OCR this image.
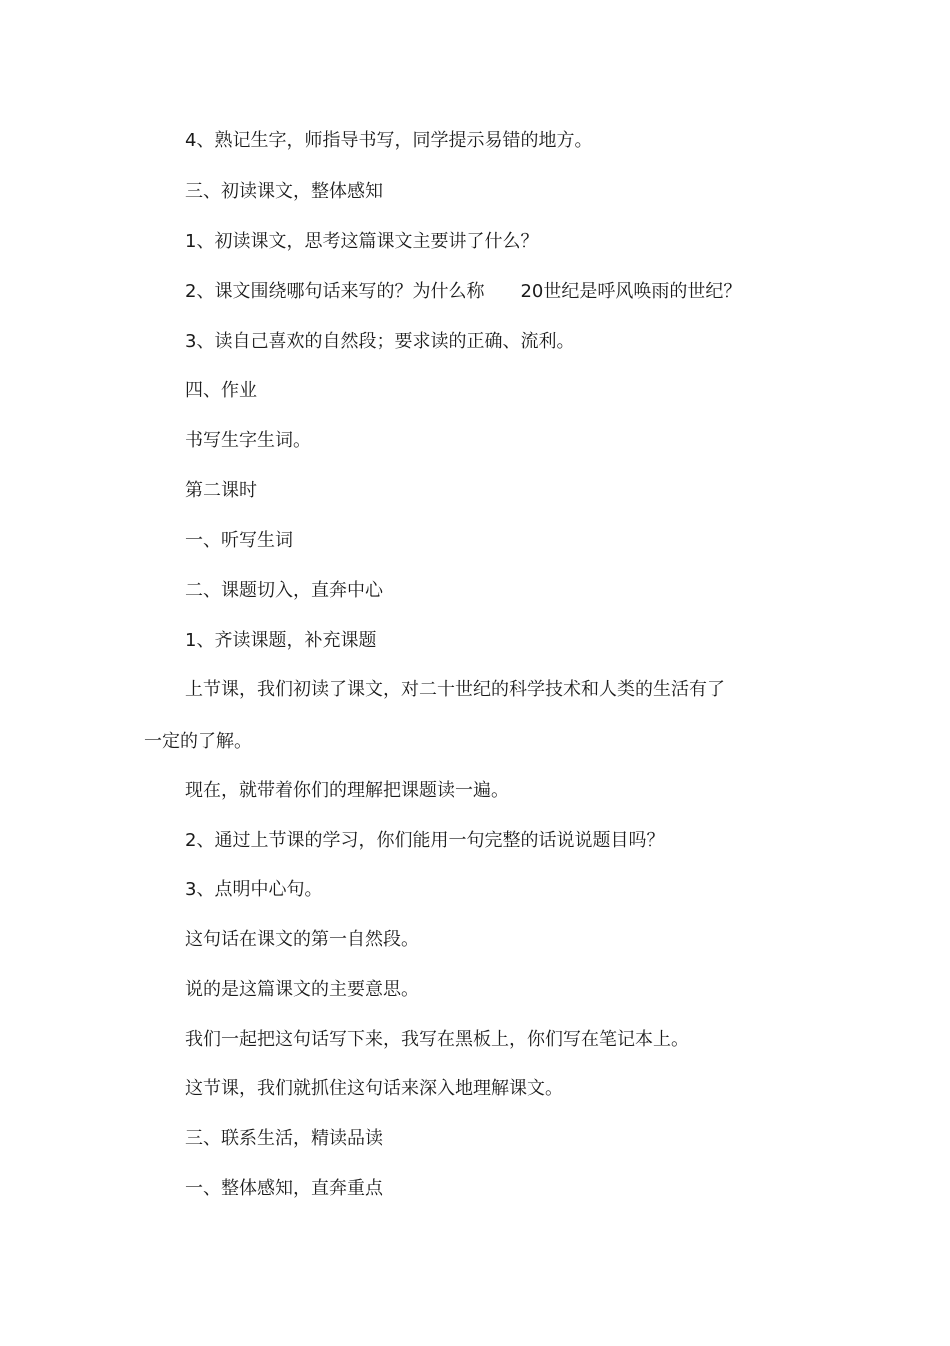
4、熟记生字，师指导书写，同学提示易错的地方。
三、初读课文，整体感知
1、初读课文，思考这篇课文主要讲了什么？
2、课文围绕哪句话来写的？为什么称 20世纪是呼风唤雨的世纪？
3、读自己喜欢的自然段；要求读的正确、流利。
四、作业
书写生字生词。
第二课时
一、听写生词
二、课题切入，直奔中心
1、齐读课题，补充课题
上节课，我们初读了课文，对二十世纪的科学技术和人类的生活有了
一定的了解。
现在，就带着你们的理解把课题读一遍。
2、通过上节课的学习，你们能用一句完整的话说说题目吗？
3、点明中心句。
这句话在课文的第一自然段。
说的是这篇课文的主要意思。
我们一起把这句话写下来，我写在黑板上，你们写在笔记本上。
这节课，我们就抓住这句话来深入地理解课文。
三、联系生活，精读品读
一、整体感知，直奔重点
